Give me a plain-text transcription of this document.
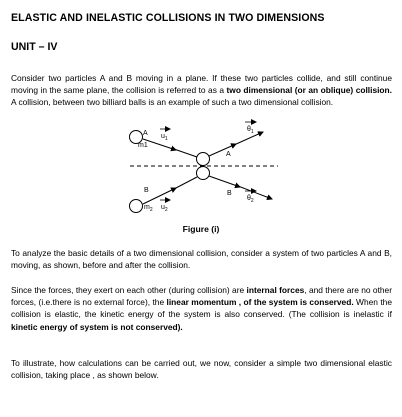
ELASTIC AND INELASTIC COLLISIONS IN TWO DIMENSIONS
UNIT – IV

Consider two particles A and B moving in a plane. If these two particles collide, and still continue moving in the same plane, the collision is referred to as a two dimensional (or an oblique) collision. A collision, between two billiard balls is an example of such a two dimensional collision.

A
m1
$u_1$
$\theta_1$
A
B
$m_2$ $u_2$
B
$\theta_2$
Figure (i)

To analyze the basic details of a two dimensional collision, consider a system of two particles A and B, moving, as shown, before and after the collision.

Since the forces, they exert on each other (during collision) are internal forces, and there are no other forces, (i.e.there is no external force), the linear momentum , of the system is conserved. When the collision is elastic, the kinetic energy of the system is also conserved. (The collision is inelastic if kinetic energy of system is not conserved).

To illustrate, how calculations can be carried out, we now, consider a simple two dimensional elastic collision, taking place , as shown below.
